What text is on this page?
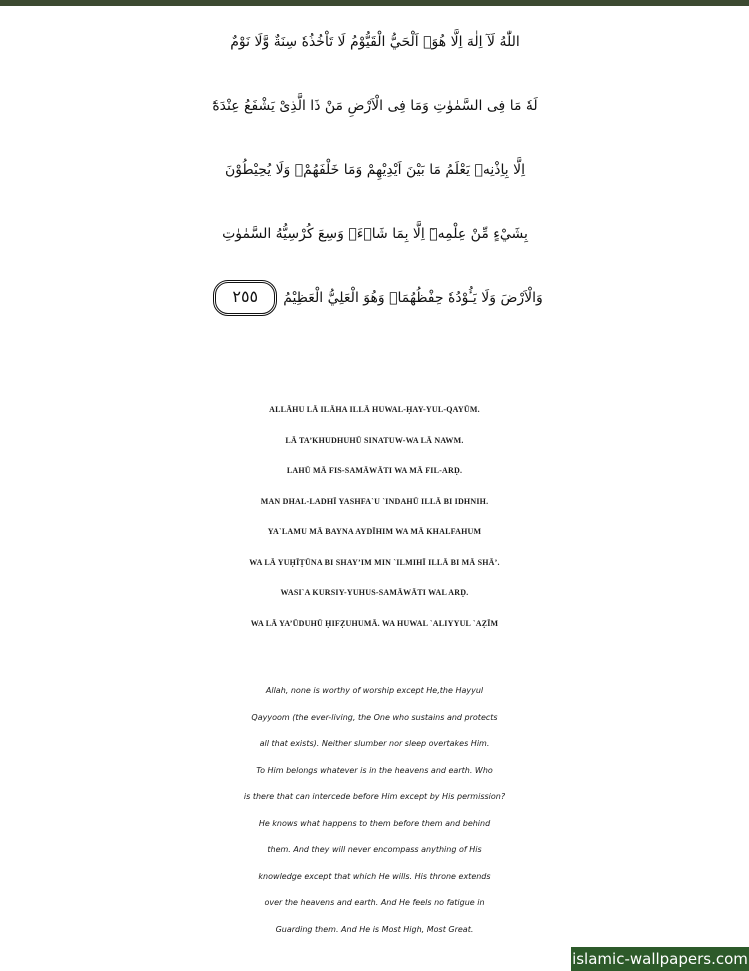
اللّٰهُ لَآ اِلٰهَ اِلَّا هُوَۚ اَلْحَيُّ الْقَيُّوْمُ لَا تَاْخُذُهٗ سِنَةٌ وَّلَا نَوْمٌ
لَهٗ مَا فِى السَّمٰوٰتِ وَمَا فِى الْاَرْضِ مَنْ ذَا الَّذِىْ يَشْفَعُ عِنْدَهٗٓ
اِلَّا بِاِذْنِهٖ يَعْلَمُ مَا بَيْنَ اَيْدِيْهِمْ وَمَا خَلْفَهُمْۚ وَلَا يُحِيْطُوْنَ
بِشَيْءٍ مِّنْ عِلْمِهٖٓ اِلَّا بِمَا شَاۤءَۚ وَسِعَ كُرْسِيُّهُ السَّمٰوٰتِ
وَالْاَرْضَ وَلَا يَـُٔوْدُهٗ حِفْظُهُمَاۚ وَهُوَ الْعَلِيُّ الْعَظِيْمُ٢٥٥
ALLĀHU LĀ ILĀHA ILLĀ HUWAL-ḤAY-YUL-QAYŪM.
LĀ TA’KHUDHUHŪ SINATUW-WA LĀ NAWM.
LAHŪ MĀ FIS-SAMĀWĀTI WA MĀ FIL-ARḌ.
MAN DHAL-LADHĪ YASHFA`U `INDAHŪ ILLĀ BI IDHNIH.
YA`LAMU MĀ BAYNA AYDĪHIM WA MĀ KHALFAHUM
WA LĀ YUḤĪṬŪNA BI SHAY’IM MIN `ILMIHĪ ILLĀ BI MĀ SHĀ’.
WASI`A KURSIY-YUHUS-SAMĀWĀTI WAL ARḌ.
WA LĀ YA’ŪDUHŪ ḤIFẒUHUMĀ. WA HUWAL `ALIYYUL `AẒĪM
Allah, none is worthy of worship except He,the Hayyul
Qayyoom (the ever-living, the One who sustains and protects
all that exists). Neither slumber nor sleep overtakes Him.
To Him belongs whatever is in the heavens and earth. Who
is there that can intercede before Him except by His permission?
He knows what happens to them before them and behind
them. And they will never encompass anything of His
knowledge except that which He wills. His throne extends
over the heavens and earth. And He feels no fatigue in
Guarding them. And He is Most High, Most Great.
islamic-wallpapers.com
